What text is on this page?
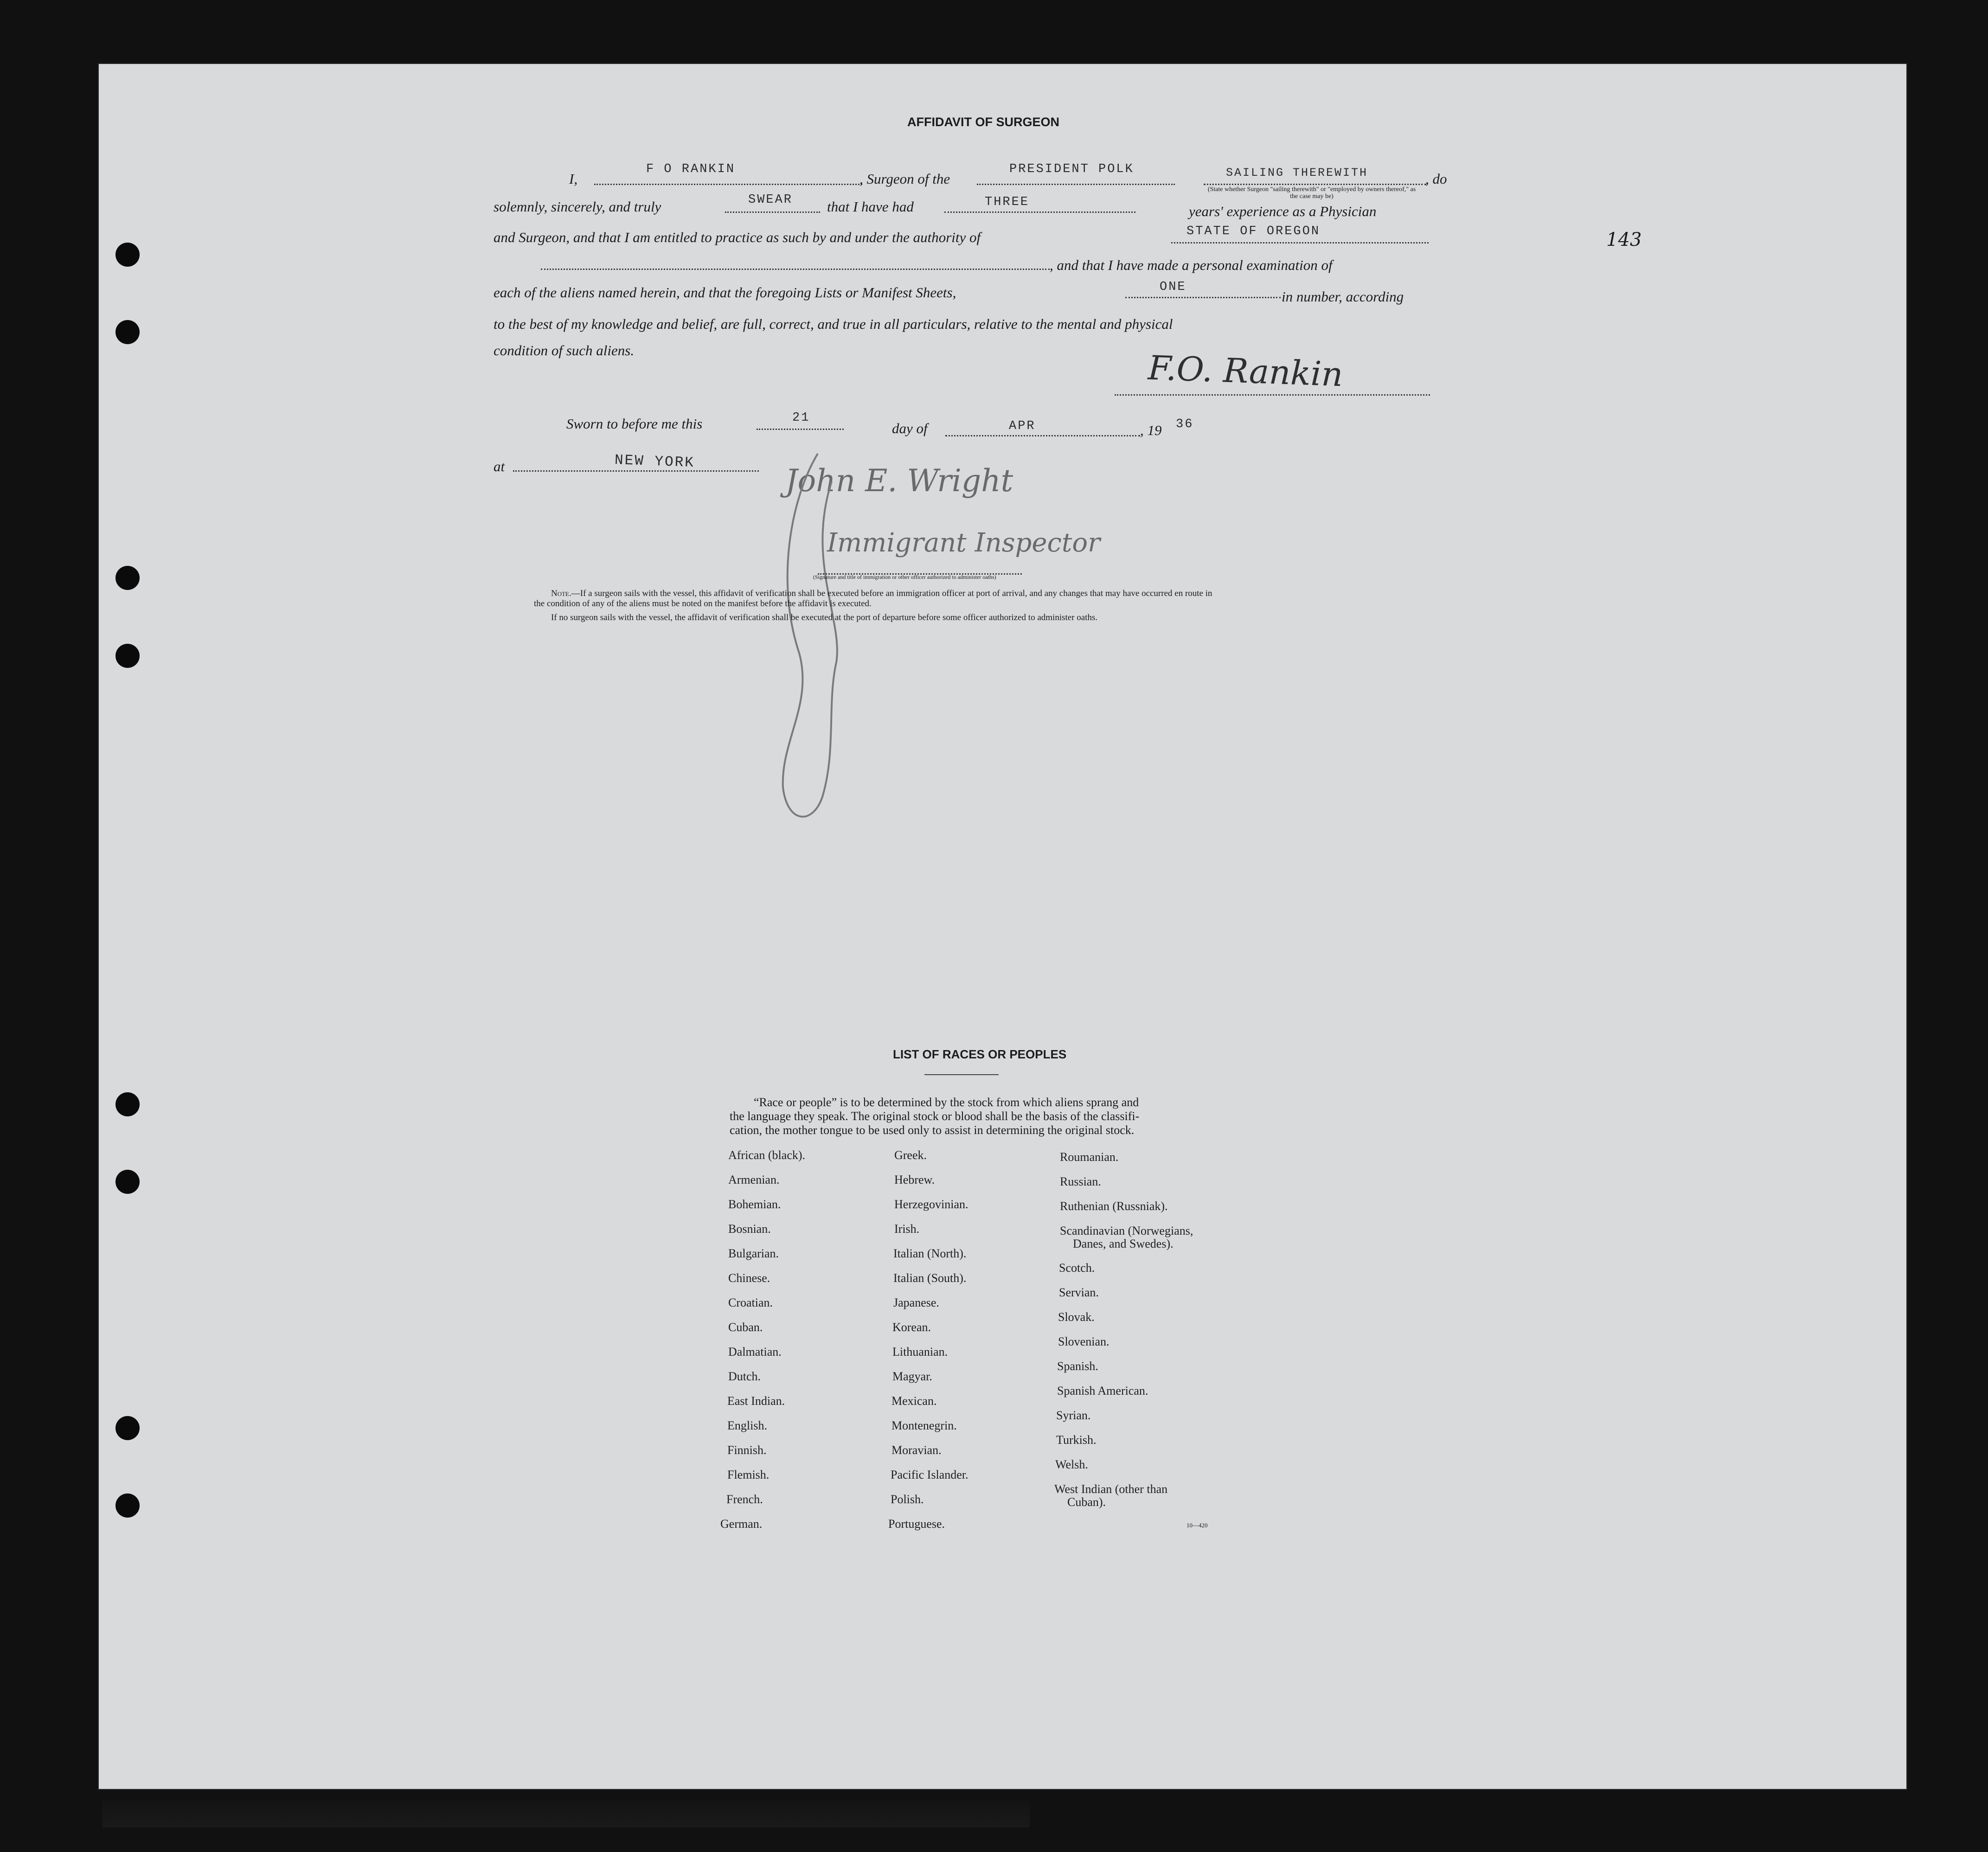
AFFIDAVIT OF SURGEON
143
I,
F O RANKIN
, Surgeon of the
PRESIDENT POLK	SAILING THEREWITH	, do
(State whether Surgeon "sailing therewith" or "employed by owners thereof," as the case may be)
solemnly, sincerely, and truly	SWEAR that I have had	THREE
years' experience as a Physician
and Surgeon, and that I am entitled to practice as such by and under the authority of	STATE OF OREGON
, and that I have made a personal examination of
each of the aliens named herein, and that the foregoing Lists or Manifest Sheets,	ONE
in number, according
to the best of my knowledge and belief, are full, correct, and true in all particulars, relative to the mental and physical
condition of such aliens.	F.O. Rankin
Sworn to before me this	21
day of	APR	, 19 36
at	NEW YORK
John E. Wright
Immigrant Inspector
(Signature and title of immigration or other officer authorized to administer oaths)
Note.—If a surgeon sails with the vessel, this affidavit of verification shall be executed before an immigration officer at port of arrival, and any changes that may have occurred en route in
the condition of any of the aliens must be noted on the manifest before the affidavit is executed.
If no surgeon sails with the vessel, the affidavit of verification shall be executed at the port of departure before some officer authorized to administer oaths.
LIST OF RACES OR PEOPLES
“Race or people” is to be determined by the stock from which aliens sprang and
the language they speak. The original stock or blood shall be the basis of the classifi-
cation, the mother tongue to be used only to assist in determining the original stock.
African (black).
Armenian.
Bohemian.
Bosnian.
Bulgarian.
Chinese.
Croatian.
Cuban.
Dalmatian.
Dutch.
East Indian.
English.
Finnish.
Flemish.
French.
German.
Greek.
Hebrew.
Herzegovinian.
Irish.
Italian (North).
Italian (South).
Japanese.
Korean.
Lithuanian.
Magyar.
Mexican.
Montenegrin.
Moravian.
Pacific Islander.
Polish.
Portuguese.
Roumanian.
Russian.
Ruthenian (Russniak).
Scandinavian (Norwegians,
Danes, and Swedes).
Scotch.
Servian.
Slovak.
Slovenian.
Spanish.
Spanish American.
Syrian.
Turkish.
Welsh.
West Indian (other than
Cuban).
10—420
